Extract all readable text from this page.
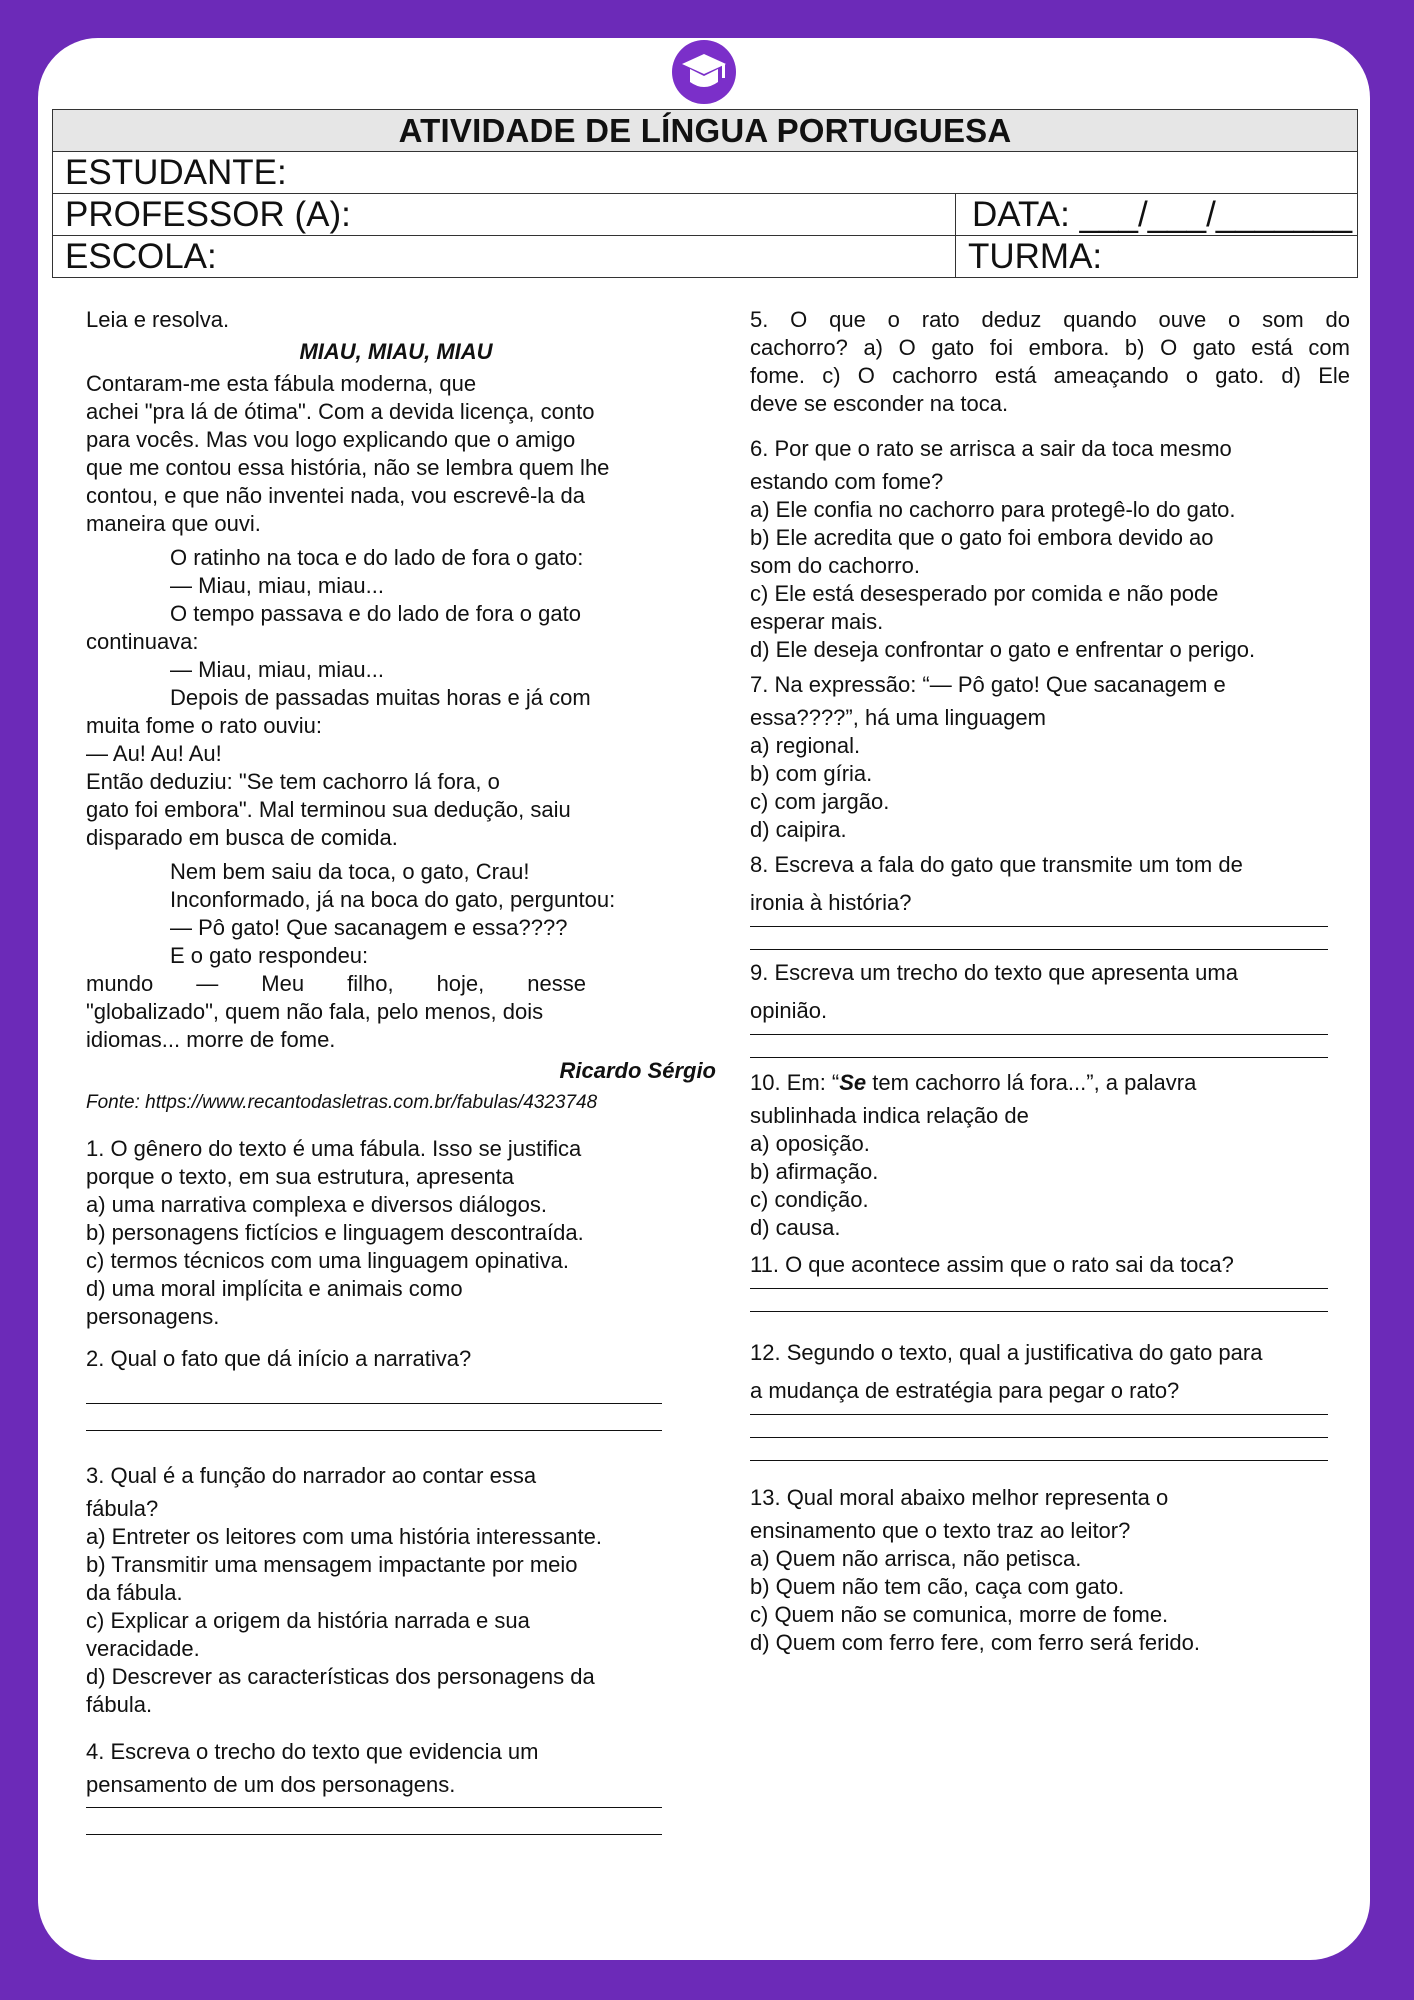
ATIVIDADE DE LÍNGUA PORTUGUESA
ESTUDANTE:
PROFESSOR (A):	DATA: ___/___/_______
ESCOLA:	TURMA:

Leia e resolva.

MIAU, MIAU, MIAU

Contaram-me esta fábula moderna, que

achei "pra lá de ótima". Com a devida licença, conto

para vocês. Mas vou logo explicando que o amigo

que me contou essa história, não se lembra quem lhe

contou, e que não inventei nada, vou escrevê-la da

maneira que ouvi.

O ratinho na toca e do lado de fora o gato:

— Miau, miau, miau...

O tempo passava e do lado de fora o gato

continuava:

— Miau, miau, miau...

Depois de passadas muitas horas e já com

muita fome o rato ouviu:

— Au! Au! Au!

Então deduziu: "Se tem cachorro lá fora, o

gato foi embora". Mal terminou sua dedução, saiu

disparado em busca de comida.

Nem bem saiu da toca, o gato, Crau!

Inconformado, já na boca do gato, perguntou:

— Pô gato! Que sacanagem e essa????

E o gato respondeu:

mundo — Meu filho, hoje, nesse

"globalizado", quem não fala, pelo menos, dois

idiomas... morre de fome.

Ricardo Sérgio

Fonte: https://www.recantodasletras.com.br/fabulas/4323748

1. O gênero do texto é uma fábula. Isso se justifica

porque o texto, em sua estrutura, apresenta

a) uma narrativa complexa e diversos diálogos.

b) personagens fictícios e linguagem descontraída.

c) termos técnicos com uma linguagem opinativa.

d) uma moral implícita e animais como

personagens.

2. Qual o fato que dá início a narrativa?

3. Qual é a função do narrador ao contar essa

fábula?

a) Entreter os leitores com uma história interessante.

b) Transmitir uma mensagem impactante por meio

da fábula.

c) Explicar a origem da história narrada e sua

veracidade.

d) Descrever as características dos personagens da

fábula.

4. Escreva o trecho do texto que evidencia um

pensamento de um dos personagens.

5. O que o rato deduz quando ouve o som do

cachorro? a) O gato foi embora. b) O gato está com

fome. c) O cachorro está ameaçando o gato. d) Ele

deve se esconder na toca.

6. Por que o rato se arrisca a sair da toca mesmo

estando com fome?

a) Ele confia no cachorro para protegê-lo do gato.

b) Ele acredita que o gato foi embora devido ao

som do cachorro.

c) Ele está desesperado por comida e não pode

esperar mais.

d) Ele deseja confrontar o gato e enfrentar o perigo.

7. Na expressão: “— Pô gato! Que sacanagem e

essa????”, há uma linguagem

a) regional.

b) com gíria.

c) com jargão.

d) caipira.

8. Escreva a fala do gato que transmite um tom de

ironia à história?

9. Escreva um trecho do texto que apresenta uma

opinião.

10. Em: “Se tem cachorro lá fora...”, a palavra

sublinhada indica relação de

a) oposição.

b) afirmação.

c) condição.

d) causa.

11. O que acontece assim que o rato sai da toca?

12. Segundo o texto, qual a justificativa do gato para

a mudança de estratégia para pegar o rato?

13. Qual moral abaixo melhor representa o

ensinamento que o texto traz ao leitor?

a) Quem não arrisca, não petisca.

b) Quem não tem cão, caça com gato.

c) Quem não se comunica, morre de fome.

d) Quem com ferro fere, com ferro será ferido.
